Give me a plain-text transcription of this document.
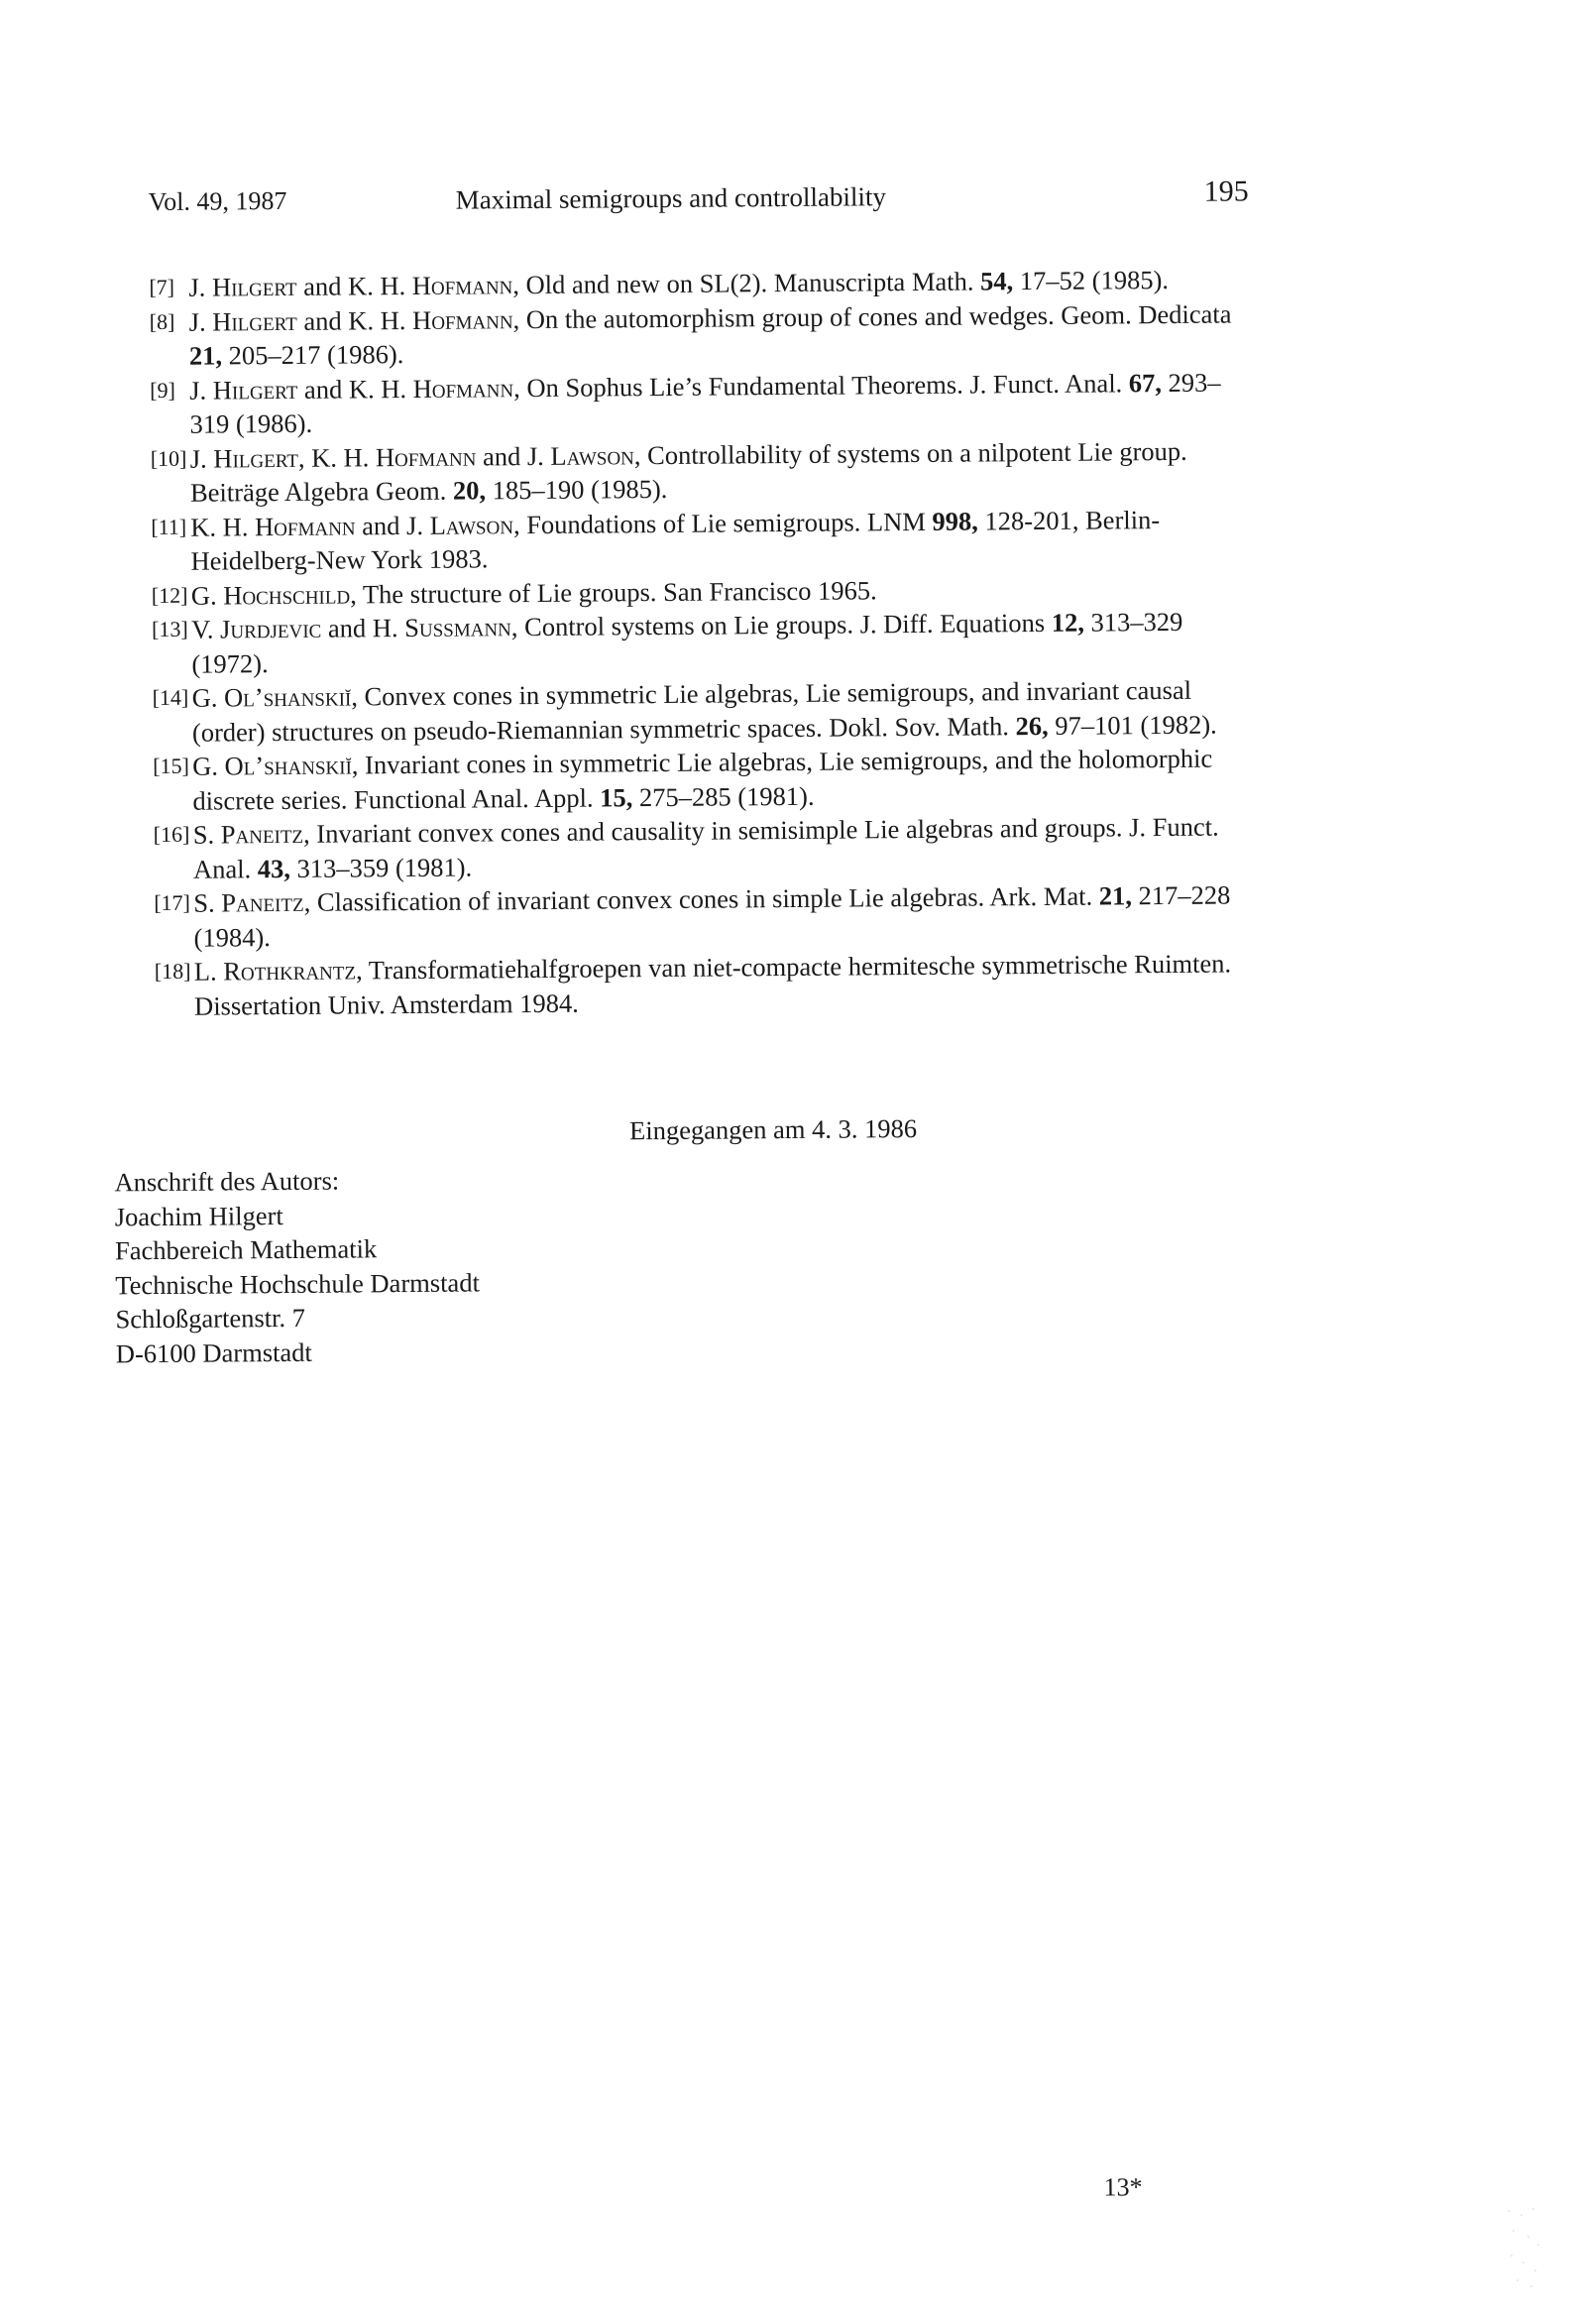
Vol. 49, 1987	Maximal semigroups and controllability	195
[7] J. Hilgert and K. H. Hofmann, Old and new on SL(2). Manuscripta Math. 54, 17–52 (1985).
[8] J. Hilgert and K. H. Hofmann, On the automorphism group of cones and wedges. Geom. Dedicata 21, 205–217 (1986).
[9] J. Hilgert and K. H. Hofmann, On Sophus Lie’s Fundamental Theorems. J. Funct. Anal. 67, 293–319 (1986).
[10] J. Hilgert, K. H. Hofmann and J. Lawson, Controllability of systems on a nilpotent Lie group. Beiträge Algebra Geom. 20, 185–190 (1985).
[11] K. H. Hofmann and J. Lawson, Foundations of Lie semigroups. LNM 998, 128-201, Berlin-Heidelberg-New York 1983.
[12] G. Hochschild, The structure of Lie groups. San Francisco 1965.
[13] V. Jurdjevic and H. Sussmann, Control systems on Lie groups. J. Diff. Equations 12, 313–329 (1972).
[14] G. Ol’shanskiĭ, Convex cones in symmetric Lie algebras, Lie semigroups, and invariant causal (order) structures on pseudo-Riemannian symmetric spaces. Dokl. Sov. Math. 26, 97–101 (1982).
[15] G. Ol’shanskiĭ, Invariant cones in symmetric Lie algebras, Lie semigroups, and the holomorphic discrete series. Functional Anal. Appl. 15, 275–285 (1981).
[16] S. Paneitz, Invariant convex cones and causality in semisimple Lie algebras and groups. J. Funct. Anal. 43, 313–359 (1981).
[17] S. Paneitz, Classification of invariant convex cones in simple Lie algebras. Ark. Mat. 21, 217–228 (1984).
[18] L. Rothkrantz, Transformatiehalfgroepen van niet-compacte hermitesche symmetrische Ruimten. Dissertation Univ. Amsterdam 1984.
Eingegangen am 4. 3. 1986
Anschrift des Autors:
Joachim Hilgert
Fachbereich Mathematik
Technische Hochschule Darmstadt
Schloßgartenstr. 7
D-6100 Darmstadt
13*
